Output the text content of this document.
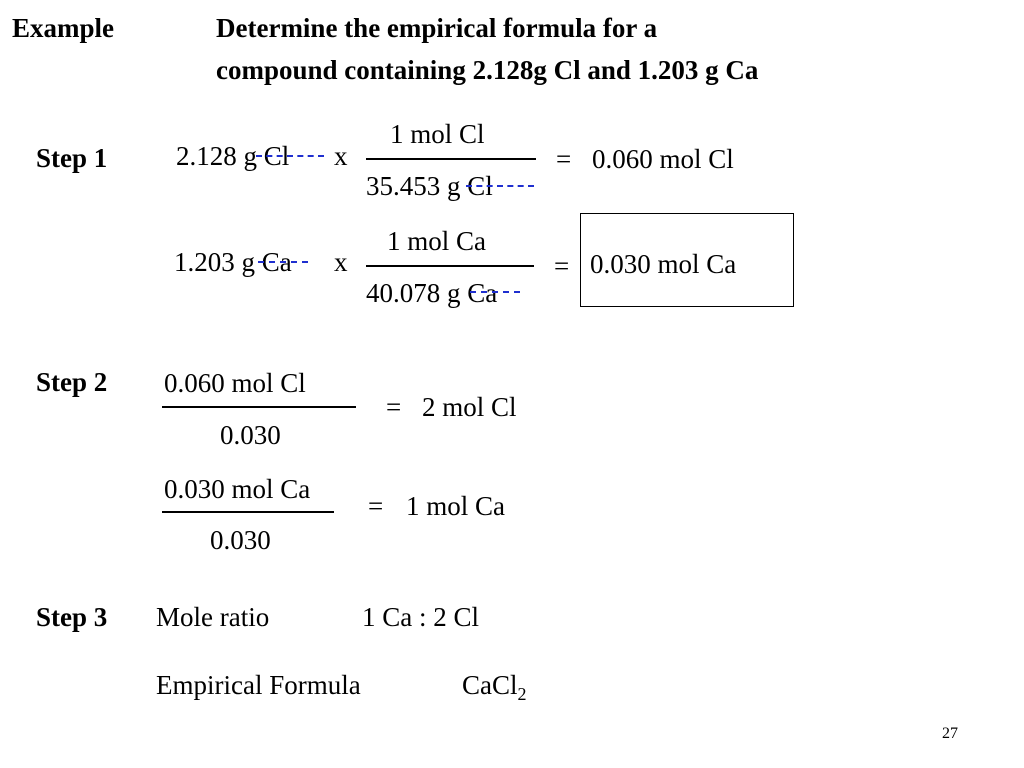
Example	Determine the empirical formula for a
compound containing 2.128g Cl and 1.203 g Ca
Step 1	2.128 g Cl x
1 mol Cl
35.453 g Cl
= 0.060 mol Cl
1.203 g Ca x
1 mol Ca
40.078 g Ca
= 0.030 mol Ca
Step 2 0.060 mol Cl
0.030
= 2 mol Cl
0.030 mol Ca
0.030
= 1 mol Ca
Step 3 Mole ratio	1 Ca : 2 Cl
Empirical Formula	CaCl$_2$
27
